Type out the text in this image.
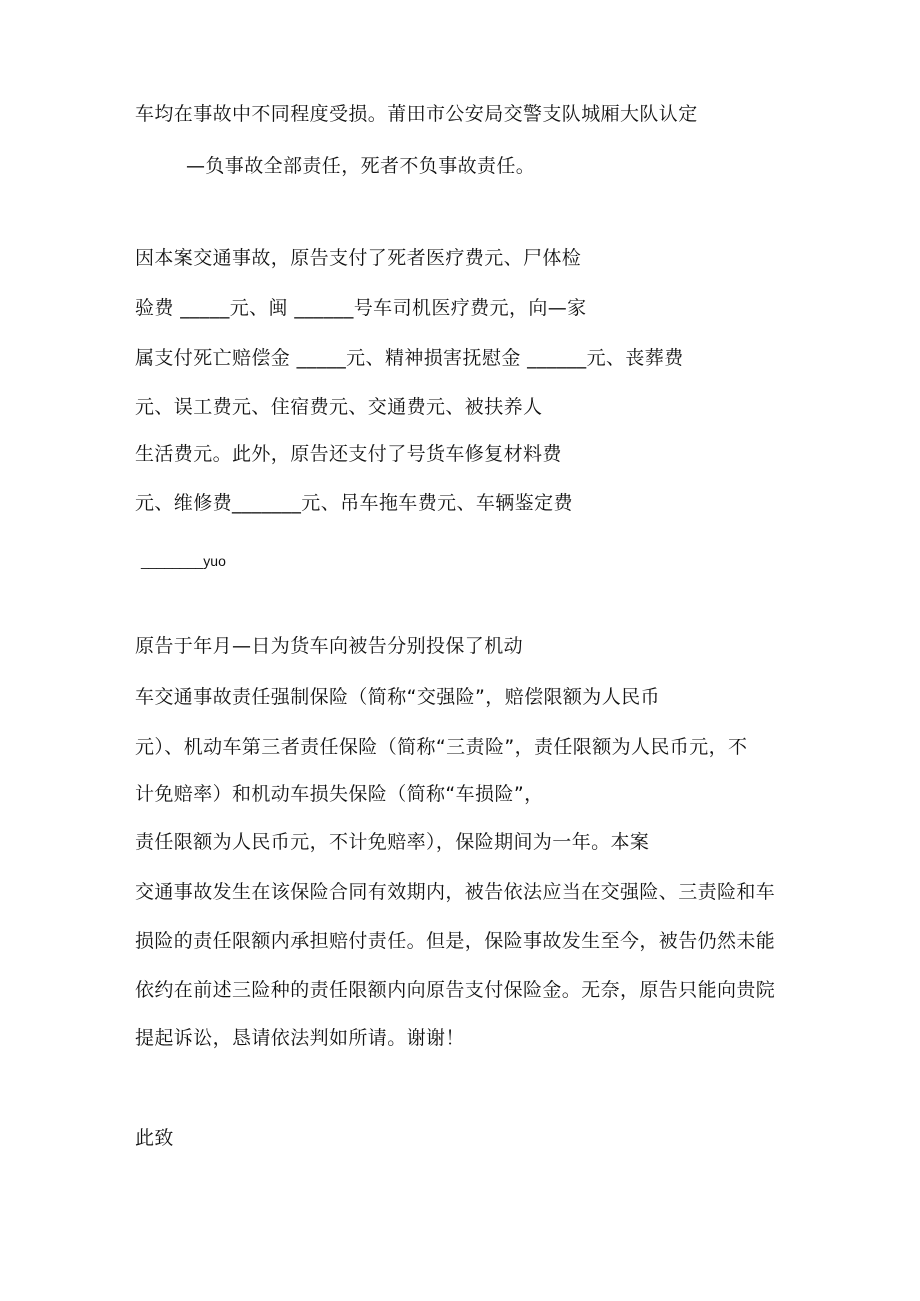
车均在事故中不同程度受损。莆田市公安局交警支队城厢大队认定
—负事故全部责任，死者不负事故责任。
因本案交通事故，原告支付了死者医疗费元、尸体检
验费 _____元、闽 ______号车司机医疗费元，向—家
属支付死亡赔偿金 _____元、精神损害抚慰金 ______元、丧葬费
元、误工费元、住宿费元、交通费元、被扶养人
生活费元。此外，原告还支付了号货车修复材料费
元、维修费_______元、吊车拖车费元、车辆鉴定费
________yuo
原告于年月—日为货车向被告分别投保了机动
车交通事故责任强制保险（简称“交强险”，赔偿限额为人民币
元）、机动车第三者责任保险（简称“三责险”，责任限额为人民币元，不
计免赔率）和机动车损失保险（简称“车损险”，
责任限额为人民币元，不计免赔率），保险期间为一年。本案
交通事故发生在该保险合同有效期内，被告依法应当在交强险、三责险和车
损险的责任限额内承担赔付责任。但是，保险事故发生至今，被告仍然未能
依约在前述三险种的责任限额内向原告支付保险金。无奈，原告只能向贵院
提起诉讼，恳请依法判如所请。谢谢！
此致
